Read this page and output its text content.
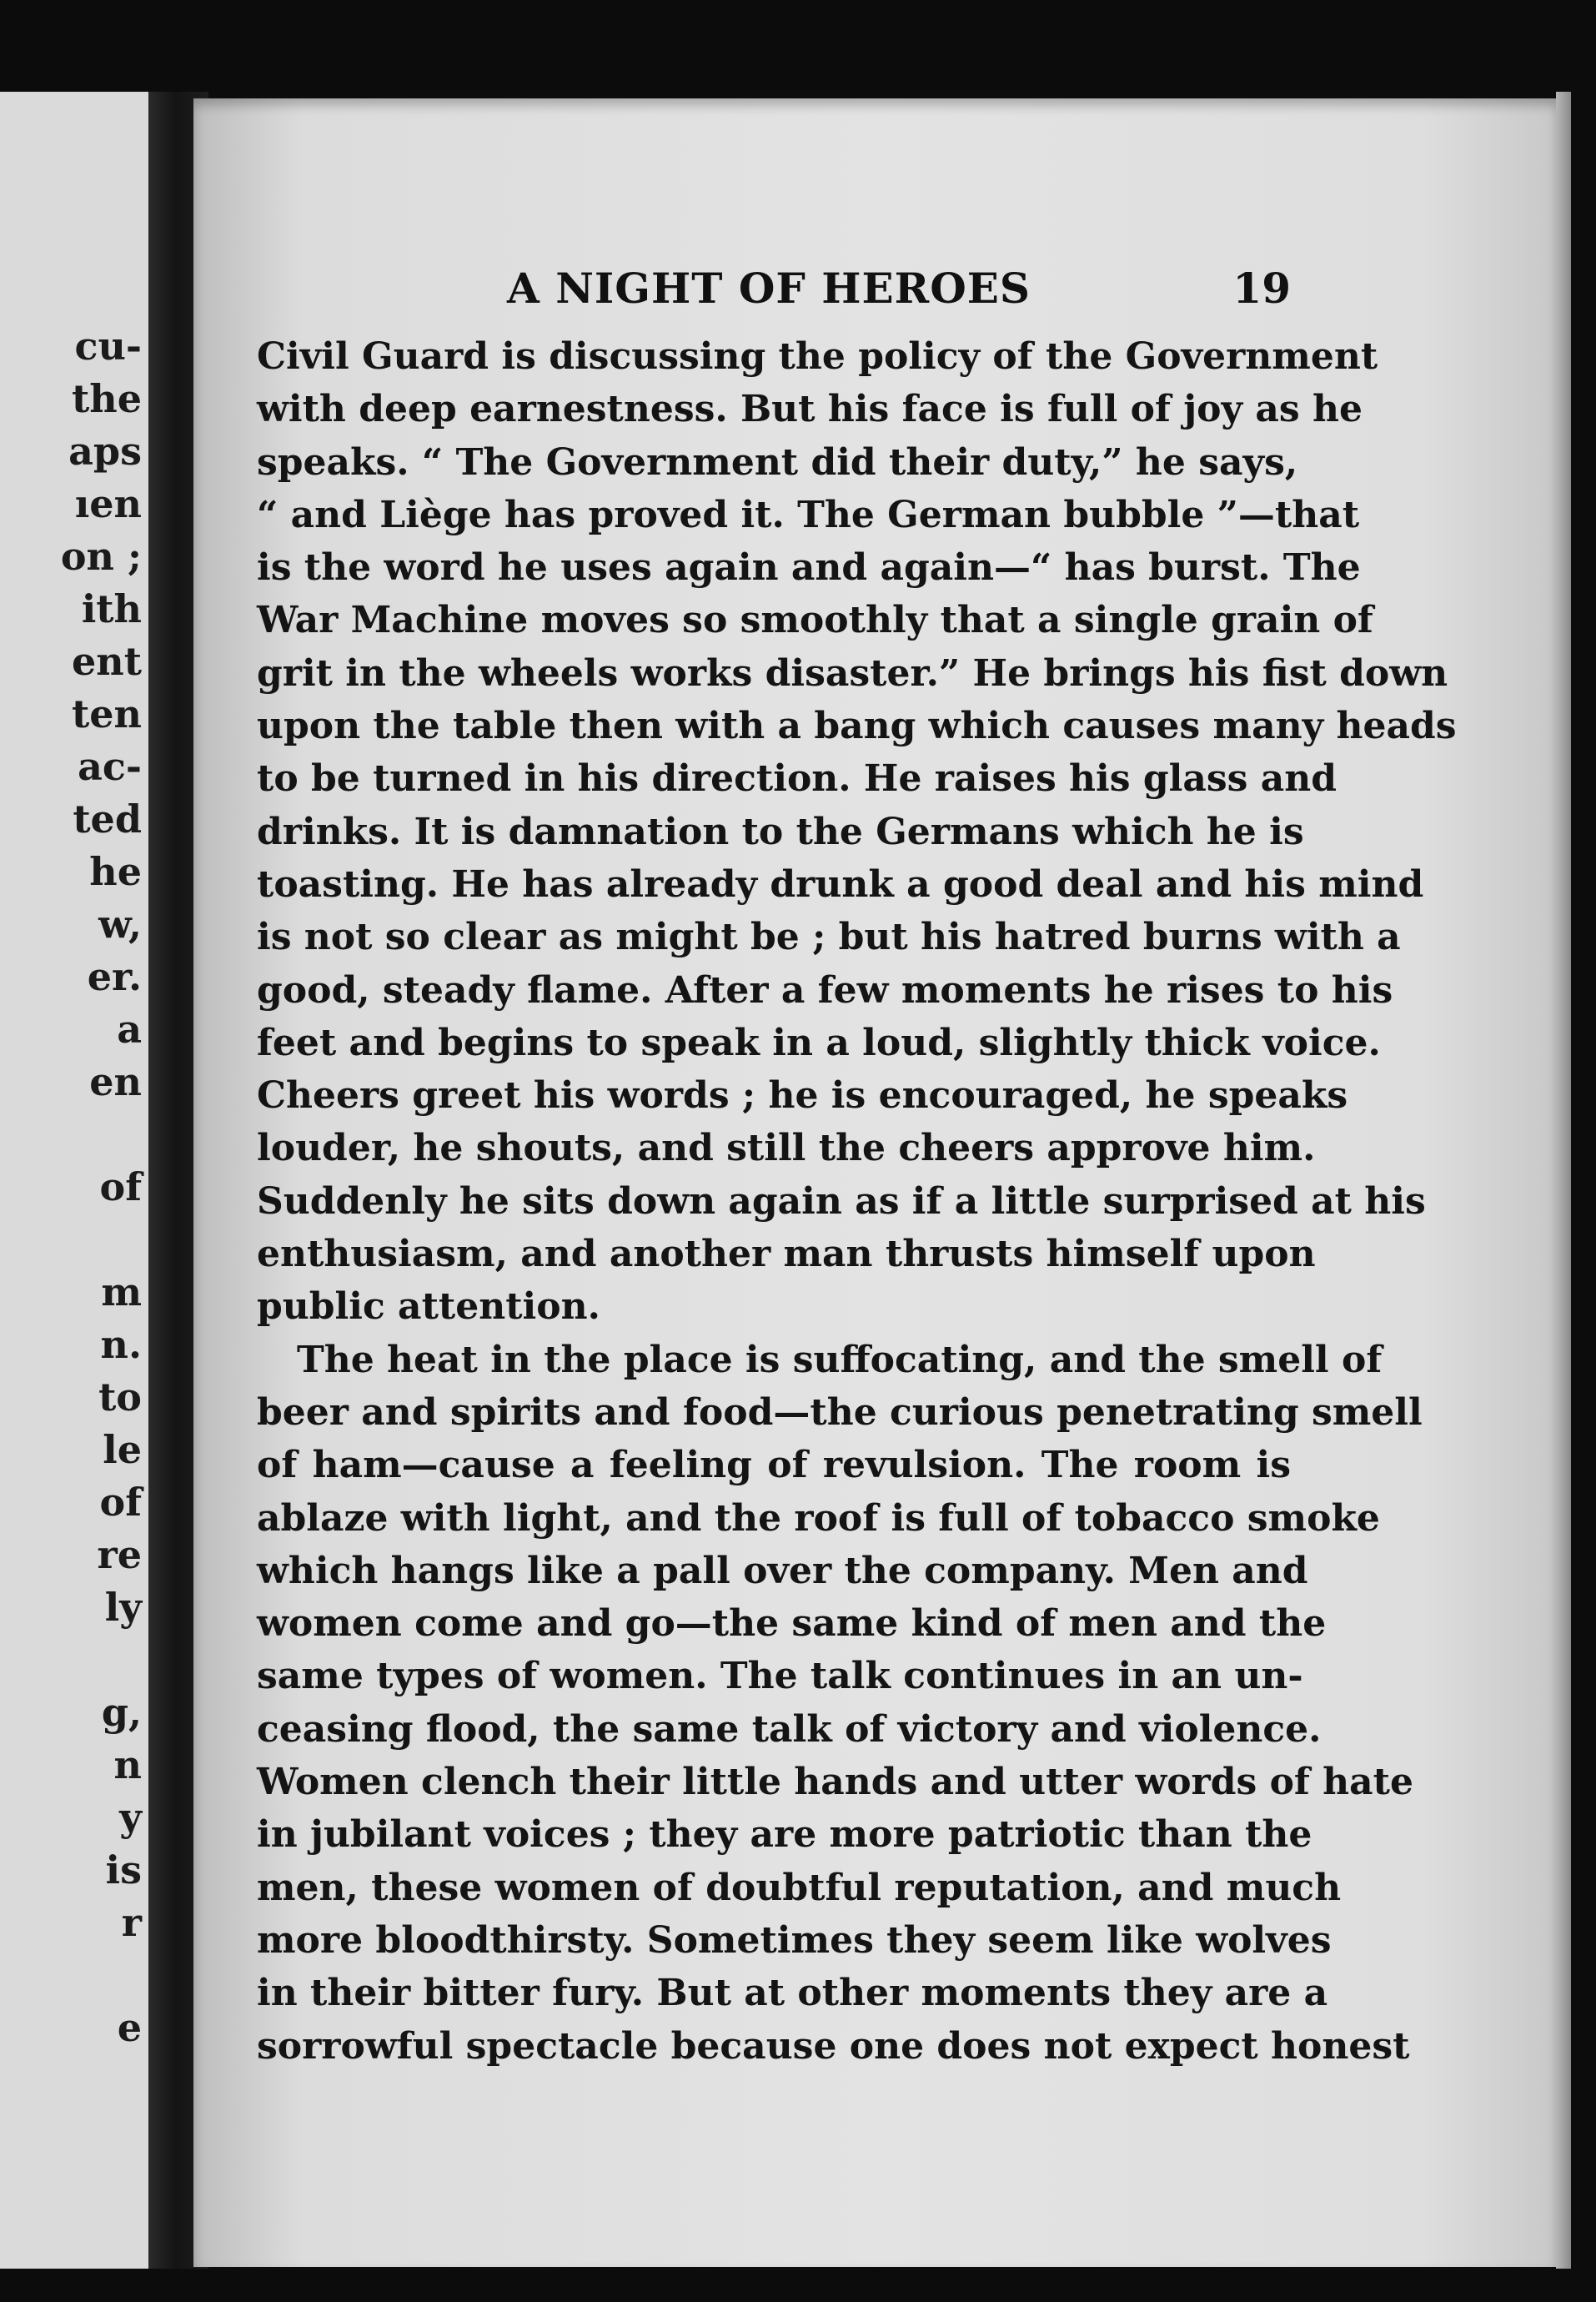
cu-
the
aps
ıen
on ;
ith
ent
ten
ac-
ted
he
w,
er.
a
en
of
m
n.
to
le
of
re
ly
g,
n
y
is
r
e
A NIGHT OF HEROES	19
Civil Guard is discussing the policy of the Government
with deep earnestness. But his face is full of joy as he
speaks. “ The Government did their duty,” he says,
“ and Liège has proved it. The German bubble ”—that
is the word he uses again and again—“ has burst. The
War Machine moves so smoothly that a single grain of
grit in the wheels works disaster.” He brings his fist down
upon the table then with a bang which causes many heads
to be turned in his direction. He raises his glass and
drinks. It is damnation to the Germans which he is
toasting. He has already drunk a good deal and his mind
is not so clear as might be ; but his hatred burns with a
good, steady flame. After a few moments he rises to his
feet and begins to speak in a loud, slightly thick voice.
Cheers greet his words ; he is encouraged, he speaks
louder, he shouts, and still the cheers approve him.
Suddenly he sits down again as if a little surprised at his
enthusiasm, and another man thrusts himself upon
public attention.
The heat in the place is suffocating, and the smell of
beer and spirits and food—the curious penetrating smell
of ham—cause a feeling of revulsion. The room is
ablaze with light, and the roof is full of tobacco smoke
which hangs like a pall over the company. Men and
women come and go—the same kind of men and the
same types of women. The talk continues in an un-
ceasing flood, the same talk of victory and violence.
Women clench their little hands and utter words of hate
in jubilant voices ; they are more patriotic than the
men, these women of doubtful reputation, and much
more bloodthirsty. Sometimes they seem like wolves
in their bitter fury. But at other moments they are a
sorrowful spectacle because one does not expect honest
